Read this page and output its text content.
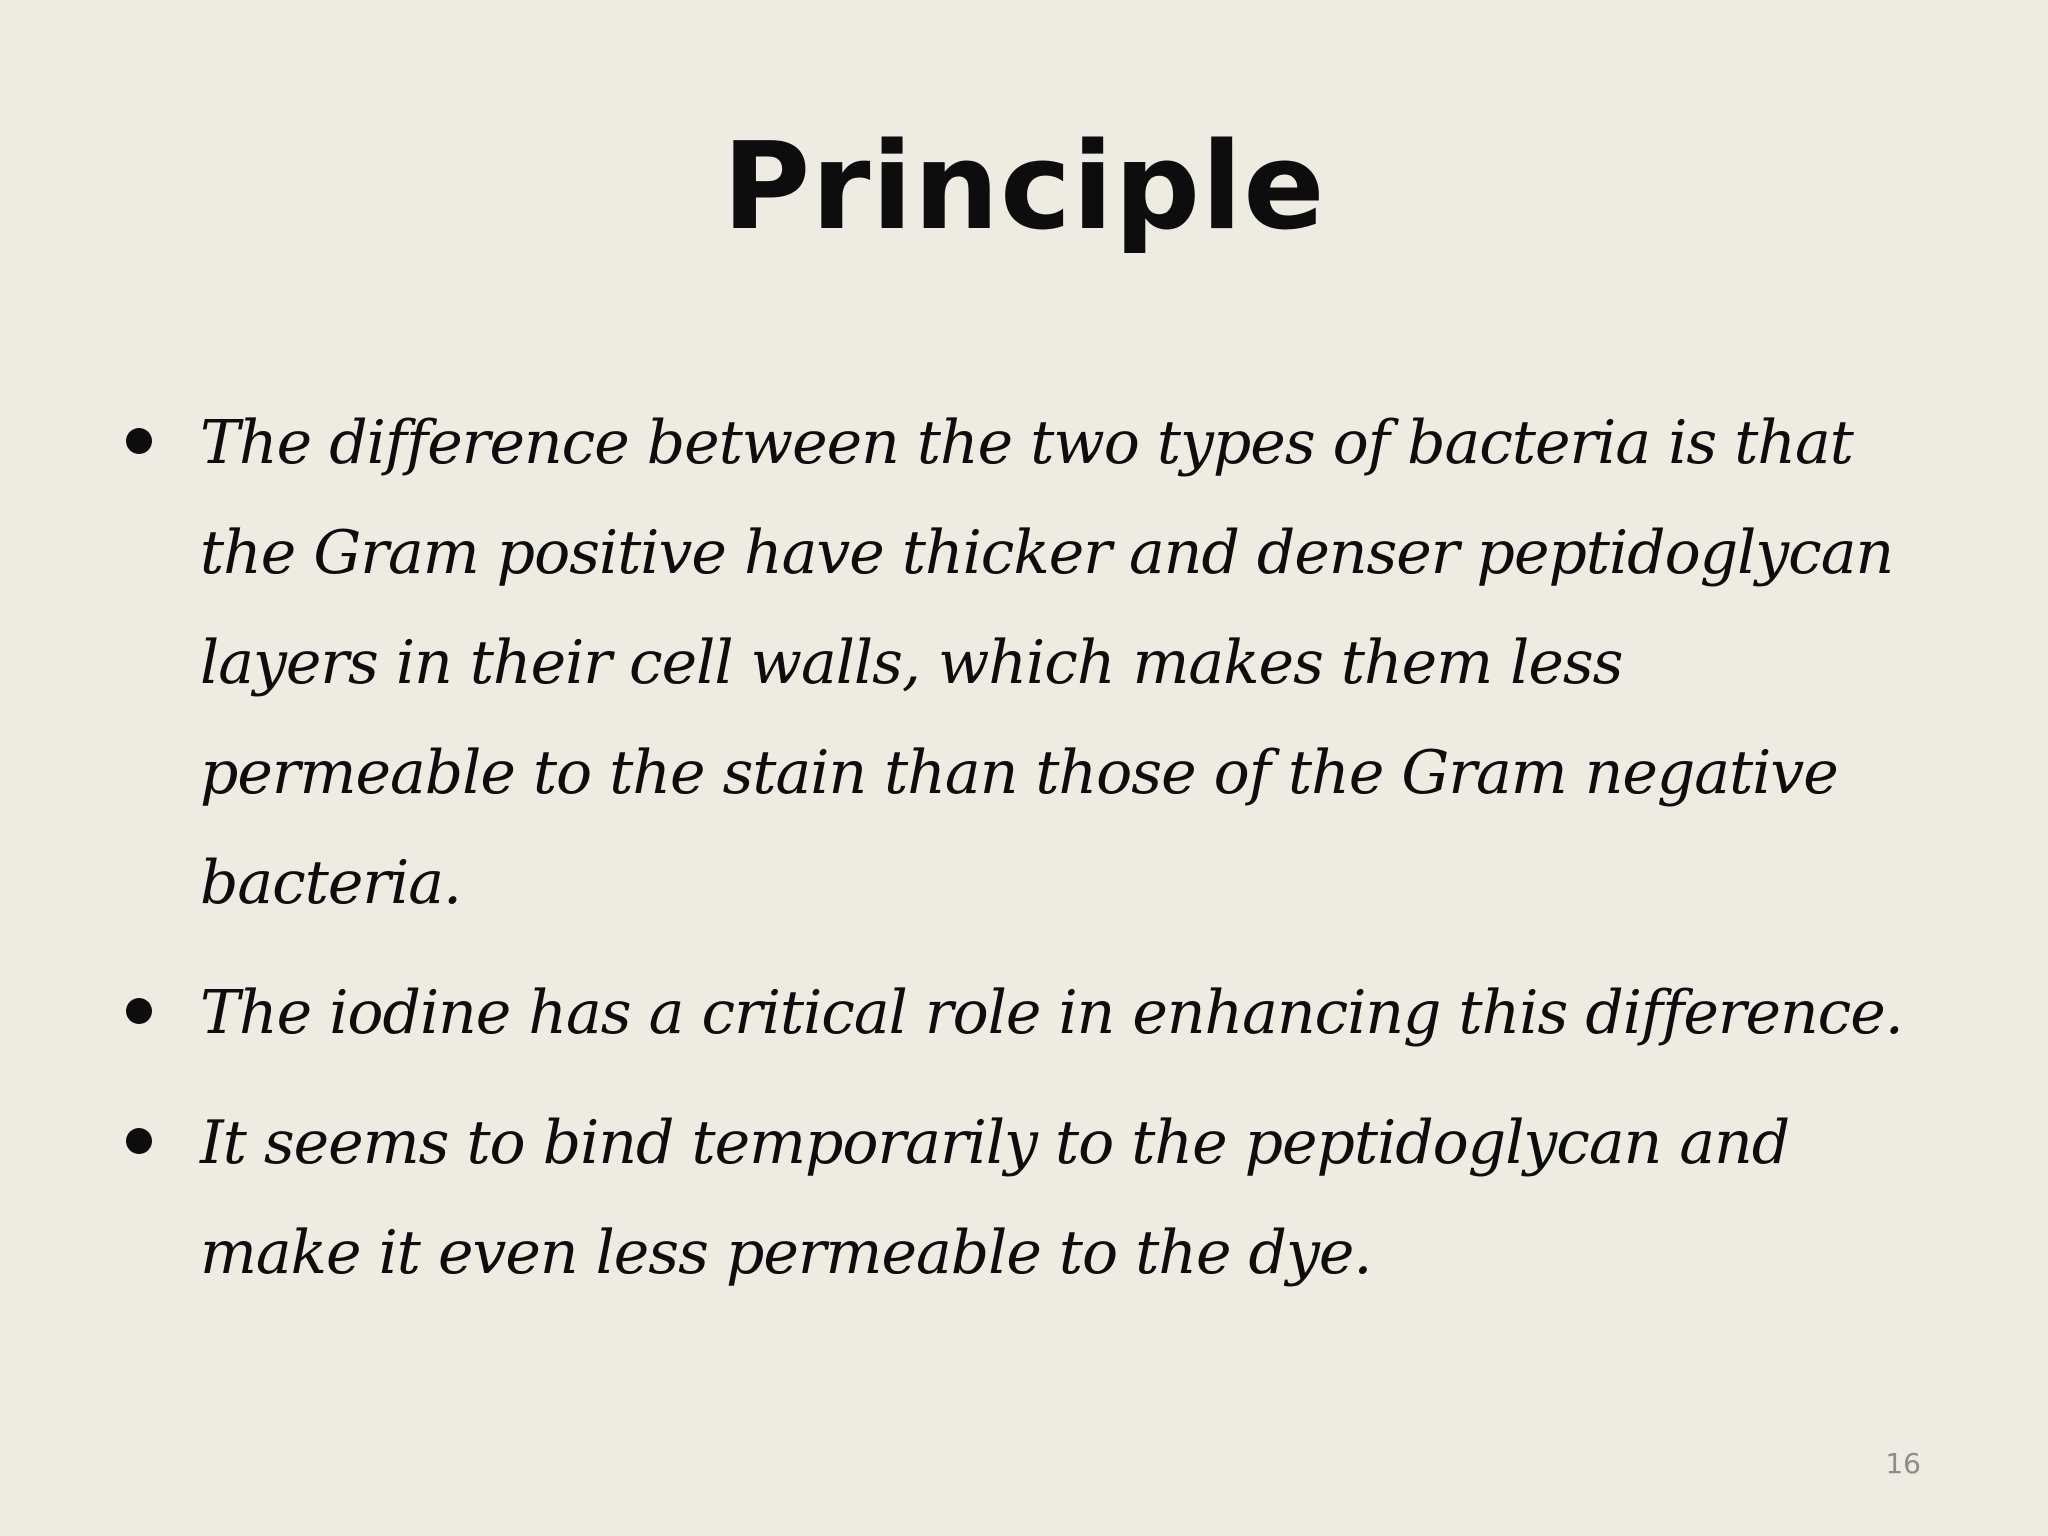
Principle
The difference between the two types of bacteria is that the Gram positive have thicker and denser peptidoglycan layers in their cell walls, which makes them less permeable to the stain than those of the Gram negative bacteria.
The iodine has a critical role in enhancing this difference.
It seems to bind temporarily to the peptidoglycan and make it even less permeable to the dye.
16
